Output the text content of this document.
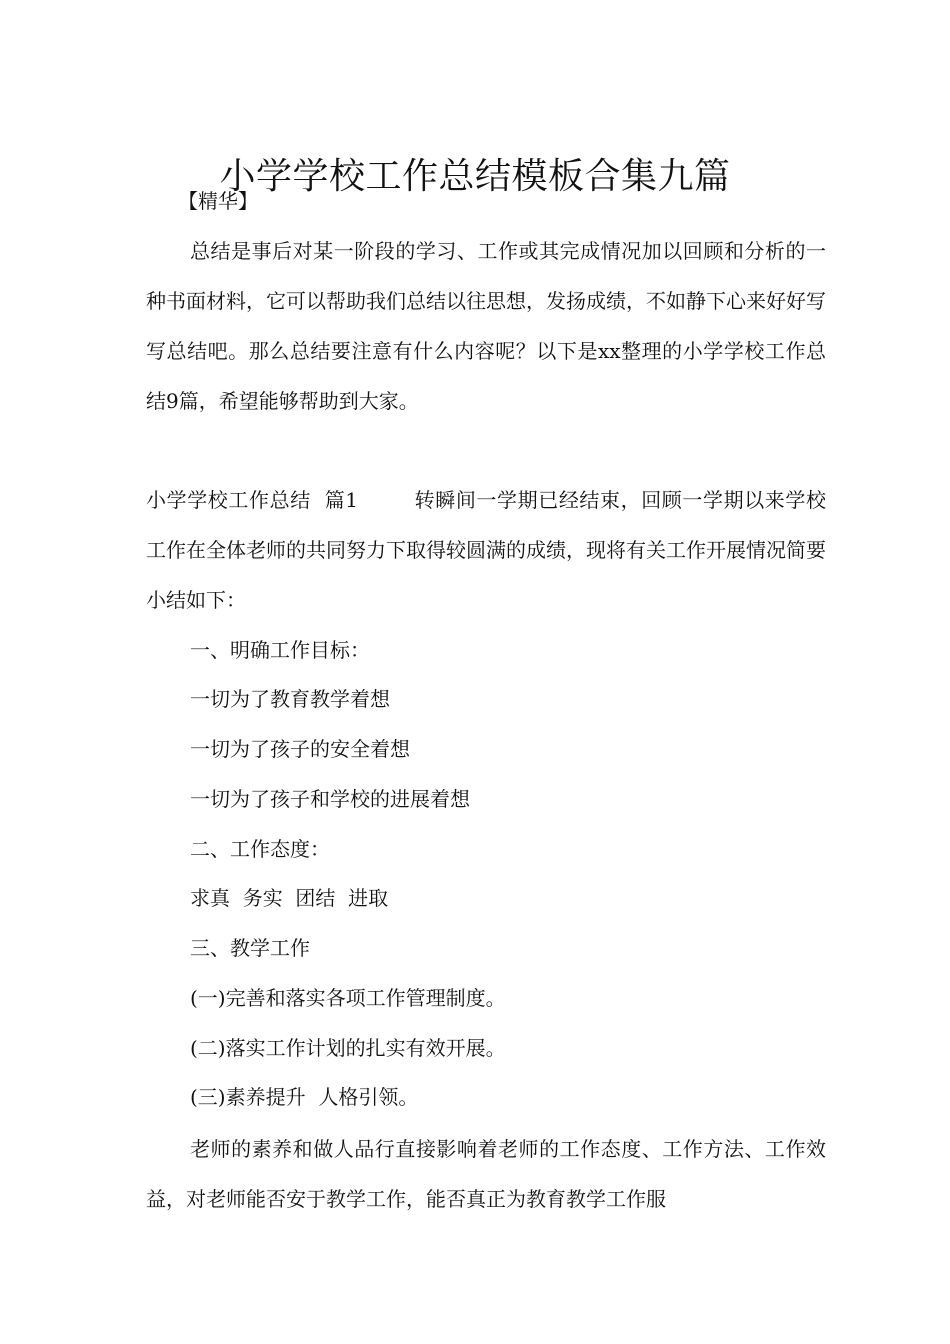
小学学校工作总结模板合集九篇
【精华】

总结是事后对某一阶段的学习、工作或其完成情况加以回顾和分析的一种书面材料，它可以帮助我们总结以往思想，发扬成绩，不如静下心来好好写写总结吧。那么总结要注意有什么内容呢？以下是xx整理的小学学校工作总结9篇，希望能够帮助到大家。

小学学校工作总结  篇1	转瞬间一学期已经结束，回顾一学期以来学校工作在全体老师的共同努力下取得较圆满的成绩，现将有关工作开展情况简要小结如下：

一、明确工作目标：

一切为了教育教学着想

一切为了孩子的安全着想

一切为了孩子和学校的进展着想

二、工作态度：

求真  务实  团结  进取

三、教学工作

(一)完善和落实各项工作管理制度。

(二)落实工作计划的扎实有效开展。

(三)素养提升  人格引领。

老师的素养和做人品行直接影响着老师的工作态度、工作方法、工作效益，对老师能否安于教学工作，能否真正为教育教学工作服
